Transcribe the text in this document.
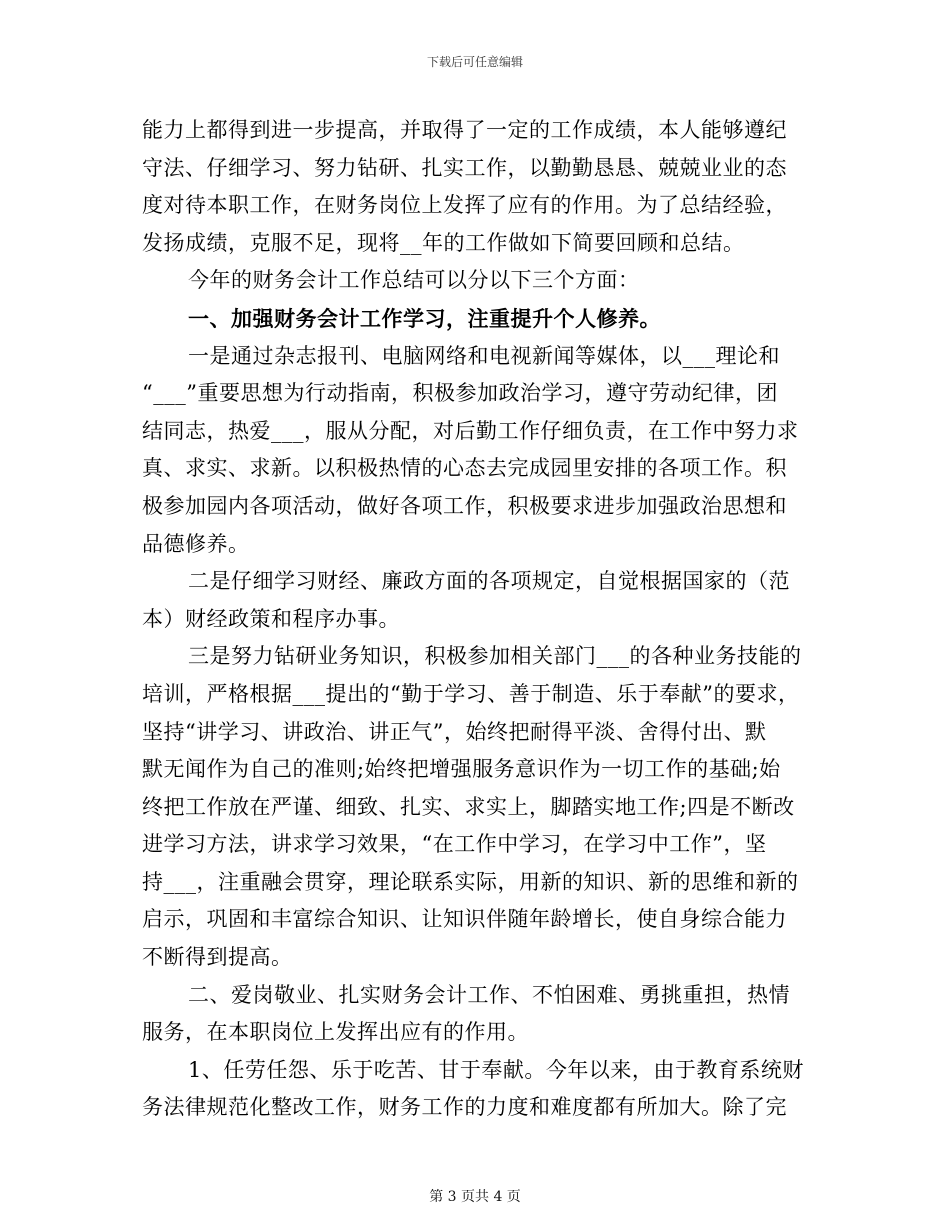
下载后可任意编辑
能力上都得到进一步提高，并取得了一定的工作成绩，本人能够遵纪
守法、仔细学习、努力钻研、扎实工作，以勤勤恳恳、兢兢业业的态
度对待本职工作，在财务岗位上发挥了应有的作用。为了总结经验，
发扬成绩，克服不足，现将__年的工作做如下简要回顾和总结。
今年的财务会计工作总结可以分以下三个方面：
一、加强财务会计工作学习，注重提升个人修养。
一是通过杂志报刊、电脑网络和电视新闻等媒体，以___理论和
“___”重要思想为行动指南，积极参加政治学习，遵守劳动纪律，团
结同志，热爱___，服从分配，对后勤工作仔细负责，在工作中努力求
真、求实、求新。以积极热情的心态去完成园里安排的各项工作。积
极参加园内各项活动，做好各项工作，积极要求进步加强政治思想和
品德修养。
二是仔细学习财经、廉政方面的各项规定，自觉根据国家的（范
本）财经政策和程序办事。
三是努力钻研业务知识，积极参加相关部门___的各种业务技能的
培训，严格根据___提出的“勤于学习、善于制造、乐于奉献”的要求，
坚持“讲学习、讲政治、讲正气”，始终把耐得平淡、舍得付出、默
默无闻作为自己的准则;始终把增强服务意识作为一切工作的基础;始
终把工作放在严谨、细致、扎实、求实上，脚踏实地工作;四是不断改
进学习方法，讲求学习效果，“在工作中学习，在学习中工作”，坚
持___，注重融会贯穿，理论联系实际，用新的知识、新的思维和新的
启示，巩固和丰富综合知识、让知识伴随年龄增长，使自身综合能力
不断得到提高。
二、爱岗敬业、扎实财务会计工作、不怕困难、勇挑重担，热情
服务，在本职岗位上发挥出应有的作用。
1、任劳任怨、乐于吃苦、甘于奉献。今年以来，由于教育系统财
务法律规范化整改工作，财务工作的力度和难度都有所加大。除了完
第 3 页共 4 页
